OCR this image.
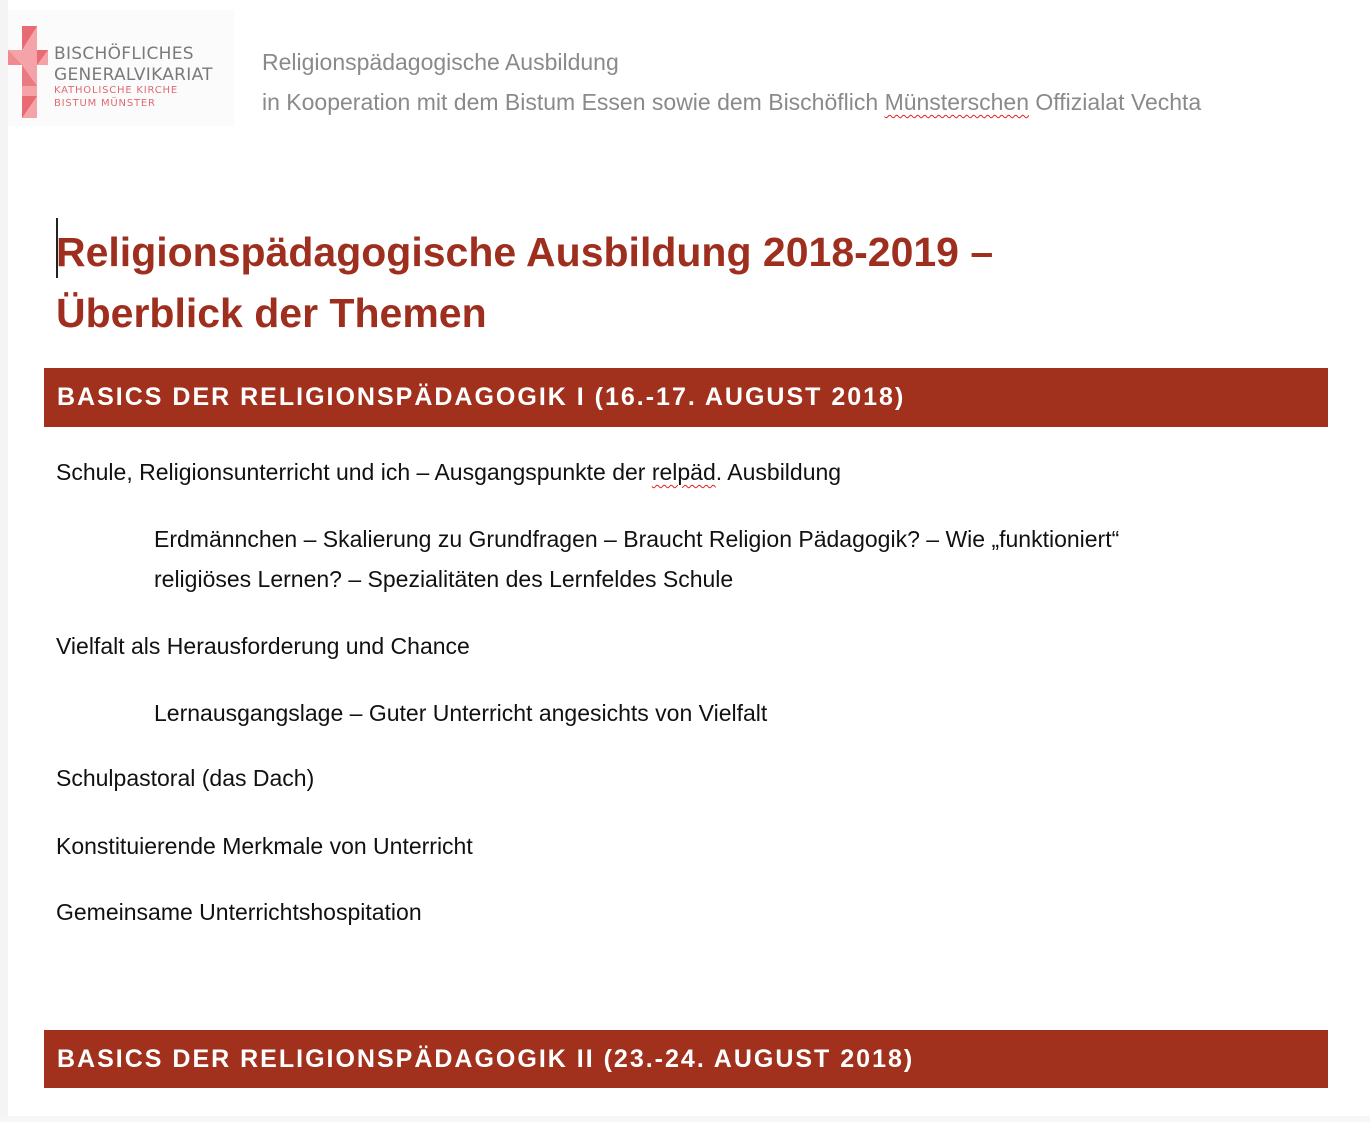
BISCHÖFLICHES
GENERALVIKARIAT
KATHOLISCHE KIRCHE
BISTUM MÜNSTER
Religionspädagogische Ausbildung
in Kooperation mit dem Bistum Essen sowie dem Bischöflich Münsterschen Offizialat Vechta
Religionspädagogische Ausbildung 2018-2019 –
Überblick der Themen
BASICS DER RELIGIONSPÄDAGOGIK I (16.-17. AUGUST 2018)
Schule, Religionsunterricht und ich – Ausgangspunkte der relpäd. Ausbildung
Erdmännchen – Skalierung zu Grundfragen – Braucht Religion Pädagogik? – Wie „funktioniert“
religiöses Lernen? – Spezialitäten des Lernfeldes Schule
Vielfalt als Herausforderung und Chance
Lernausgangslage – Guter Unterricht angesichts von Vielfalt
Schulpastoral (das Dach)
Konstituierende Merkmale von Unterricht
Gemeinsame Unterrichtshospitation
BASICS DER RELIGIONSPÄDAGOGIK II (23.-24. AUGUST 2018)
